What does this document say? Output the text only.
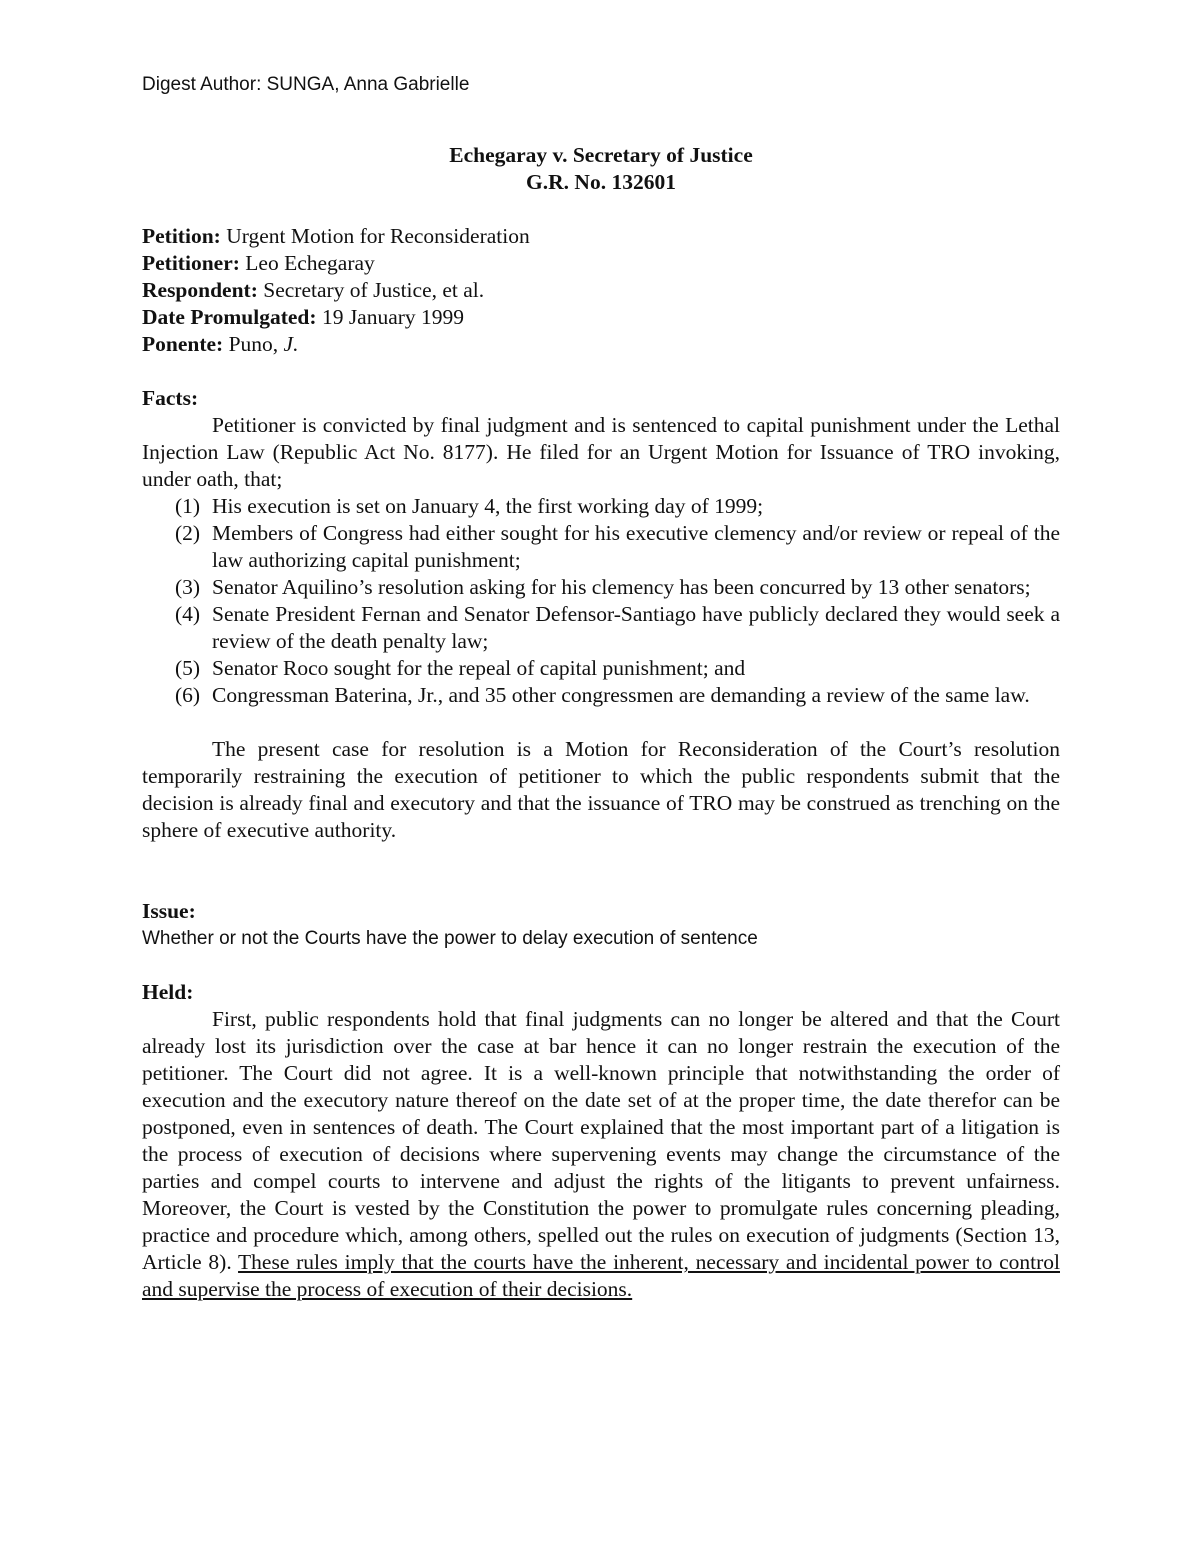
Digest Author: SUNGA, Anna Gabrielle
Echegaray v. Secretary of Justice
G.R. No. 132601
Petition: Urgent Motion for Reconsideration
Petitioner: Leo Echegaray
Respondent: Secretary of Justice, et al.
Date Promulgated: 19 January 1999
Ponente: Puno, J.
Facts:

Petitioner is convicted by final judgment and is sentenced to capital punishment under the Lethal Injection Law (Republic Act No. 8177). He filed for an Urgent Motion for Issuance of TRO invoking, under oath, that;

(1) His execution is set on January 4, the first working day of 1999;
(2) Members of Congress had either sought for his executive clemency and/or review or repeal of the law authorizing capital punishment;
(3) Senator Aquilino’s resolution asking for his clemency has been concurred by 13 other senators;
(4) Senate President Fernan and Senator Defensor-Santiago have publicly declared they would seek a review of the death penalty law;
(5) Senator Roco sought for the repeal of capital punishment; and
(6) Congressman Baterina, Jr., and 35 other congressmen are demanding a review of the same law.

The present case for resolution is a Motion for Reconsideration of the Court’s resolution temporarily restraining the execution of petitioner to which the public respondents submit that the decision is already final and executory and that the issuance of TRO may be construed as trenching on the sphere of executive authority.

Issue:
Whether or not the Courts have the power to delay execution of sentence
Held:

First, public respondents hold that final judgments can no longer be altered and that the Court already lost its jurisdiction over the case at bar hence it can no longer restrain the execution of the petitioner. The Court did not agree. It is a well-known principle that notwithstanding the order of execution and the executory nature thereof on the date set of at the proper time, the date therefor can be postponed, even in sentences of death. The Court explained that the most important part of a litigation is the process of execution of decisions where supervening events may change the circumstance of the parties and compel courts to intervene and adjust the rights of the litigants to prevent unfairness. Moreover, the Court is vested by the Constitution the power to promulgate rules concerning pleading, practice and procedure which, among others, spelled out the rules on execution of judgments (Section 13, Article 8). These rules imply that the courts have the inherent, necessary and incidental power to control and supervise the process of execution of their decisions.
